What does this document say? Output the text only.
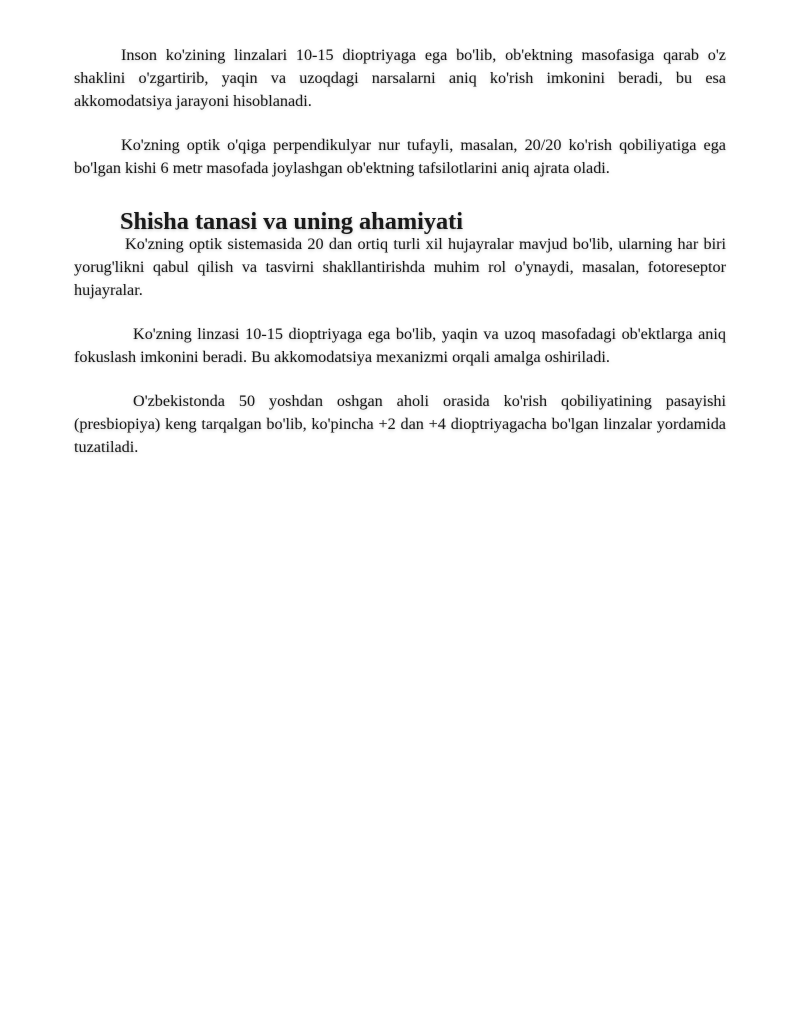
Inson ko'zining linzalari 10-15 dioptriyaga ega bo'lib, ob'ektning masofasiga qarab o'z shaklini o'zgartirib, yaqin va uzoqdagi narsalarni aniq ko'rish imkonini beradi, bu esa akkomodatsiya jarayoni hisoblanadi.

Ko'zning optik o'qiga perpendikulyar nur tufayli, masalan, 20/20 ko'rish qobiliyatiga ega bo'lgan kishi 6 metr masofada joylashgan ob'ektning tafsilotlarini aniq ajrata oladi.

Shisha tanasi va uning ahamiyati

Ko'zning optik sistemasida 20 dan ortiq turli xil hujayralar mavjud bo'lib, ularning har biri yorug'likni qabul qilish va tasvirni shakllantirishda muhim rol o'ynaydi, masalan, fotoreseptor hujayralar.

Ko'zning linzasi 10-15 dioptriyaga ega bo'lib, yaqin va uzoq masofadagi ob'ektlarga aniq fokuslash imkonini beradi. Bu akkomodatsiya mexanizmi orqali amalga oshiriladi.

O'zbekistonda 50 yoshdan oshgan aholi orasida ko'rish qobiliyatining pasayishi (presbiopiya) keng tarqalgan bo'lib, ko'pincha +2 dan +4 dioptriyagacha bo'lgan linzalar yordamida tuzatiladi.
